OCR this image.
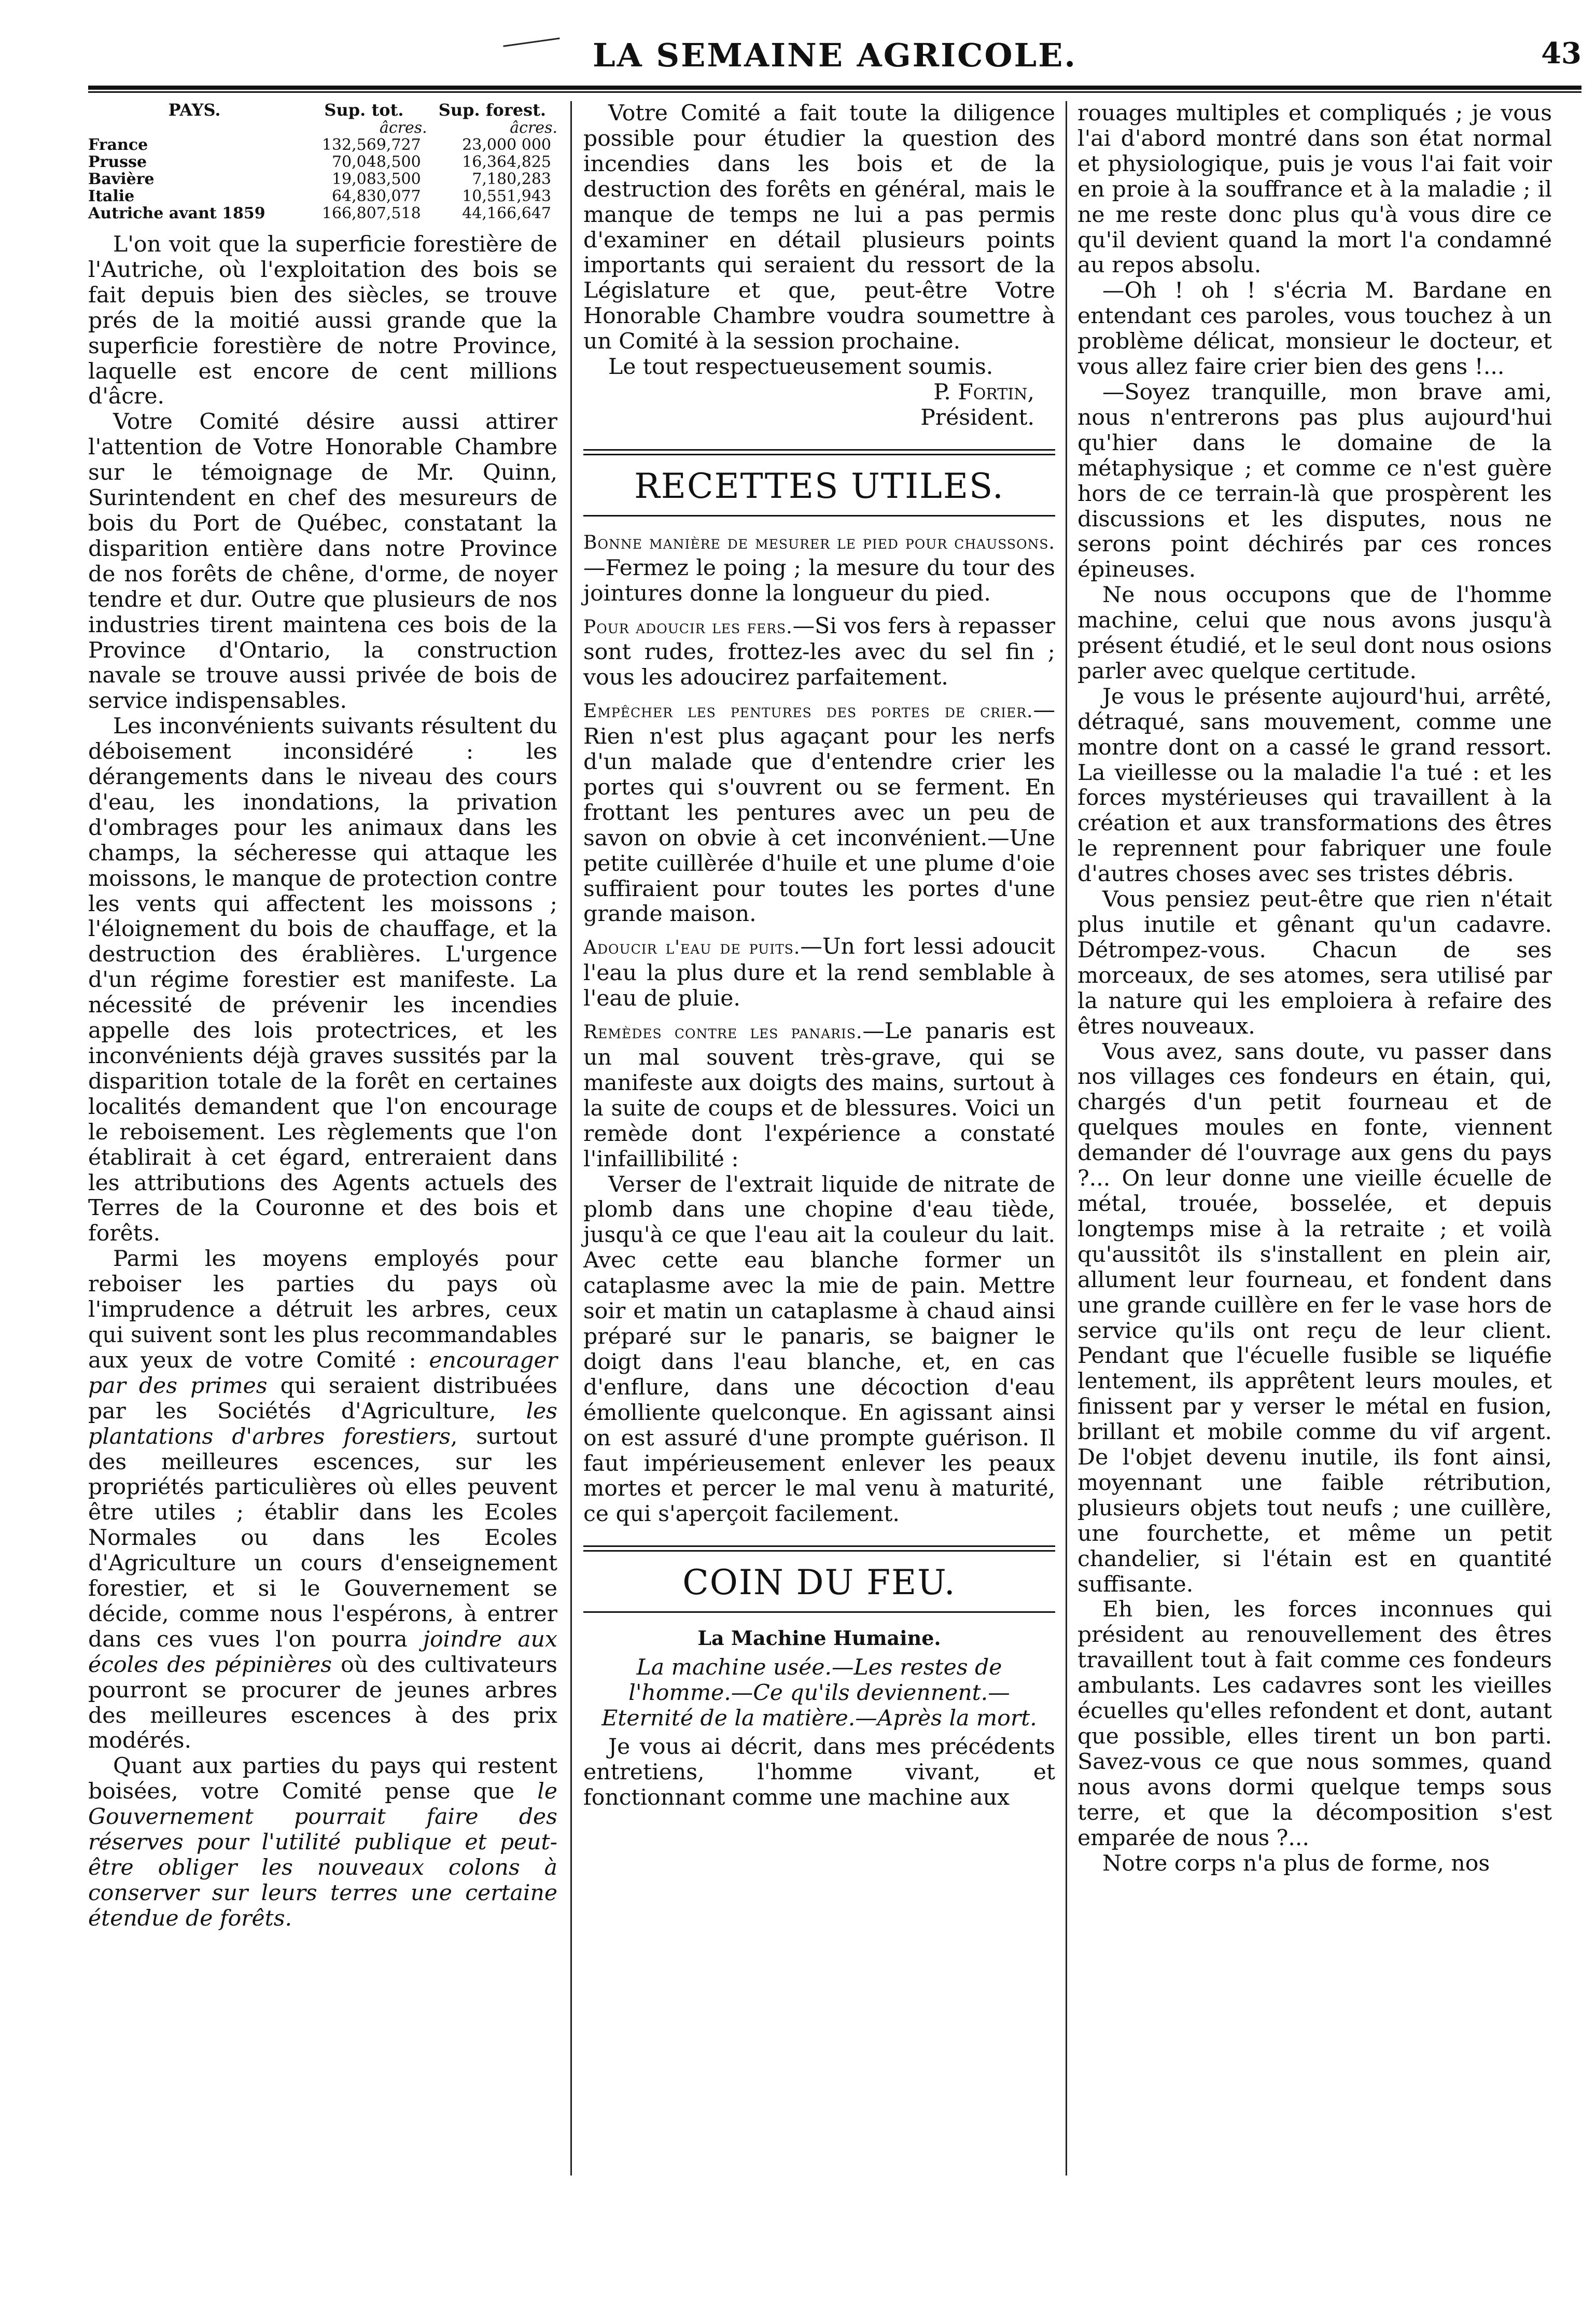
LA SEMAINE AGRICOLE.	43
PAYS.	Sup. tot.	Sup. forest.
	âcres.	âcres.
France	132,569,727	23,000 000
Prusse	70,048,500	16,364,825
Bavière	19,083,500	7,180,283
Italie	64,830,077	10,551,943
Autriche avant 1859	166,807,518	44,166,647

L'on voit que la superficie forestière de l'Autriche, où l'exploitation des bois se fait depuis bien des siècles, se trouve prés de la moitié aussi grande que la superficie forestière de notre Province, laquelle est encore de cent millions d'âcre.

Votre Comité désire aussi attirer l'attention de Votre Honorable Chambre sur le témoignage de Mr. Quinn, Surintendent en chef des mesureurs de bois du Port de Québec, constatant la disparition entière dans notre Province de nos forêts de chêne, d'orme, de noyer tendre et dur. Outre que plusieurs de nos industries tirent maintena ces bois de la Province d'Ontario, la construction navale se trouve aussi privée de bois de service indispensables.

Les inconvénients suivants résultent du déboisement inconsidéré : les dérangements dans le niveau des cours d'eau, les inondations, la privation d'ombrages pour les animaux dans les champs, la sécheresse qui attaque les moissons, le manque de protection contre les vents qui affectent les moissons ; l'éloignement du bois de chauffage, et la destruction des érablières. L'urgence d'un régime forestier est manifeste. La nécessité de prévenir les incendies appelle des lois protectrices, et les inconvénients déjà graves sussités par la disparition totale de la forêt en certaines localités demandent que l'on encourage le reboisement. Les règlements que l'on établirait à cet égard, entreraient dans les attributions des Agents actuels des Terres de la Couronne et des bois et forêts.

Parmi les moyens employés pour reboiser les parties du pays où l'imprudence a détruit les arbres, ceux qui suivent sont les plus recommandables aux yeux de votre Comité : encourager par des primes qui seraient distribuées par les Sociétés d'Agriculture, les plantations d'arbres forestiers, surtout des meilleures escences, sur les propriétés particulières où elles peuvent être utiles ; établir dans les Ecoles Normales ou dans les Ecoles d'Agriculture un cours d'enseignement forestier, et si le Gouvernement se décide, comme nous l'espérons, à entrer dans ces vues l'on pourra joindre aux écoles des pépinières où des cultivateurs pourront se procurer de jeunes arbres des meilleures escences à des prix modérés.

Quant aux parties du pays qui restent boisées, votre Comité pense que le Gouvernement pourrait faire des réserves pour l'utilité publique et peut-être obliger les nouveaux colons à conserver sur leurs terres une certaine étendue de forêts.

Votre Comité a fait toute la diligence possible pour étudier la question des incendies dans les bois et de la destruction des forêts en général, mais le manque de temps ne lui a pas permis d'examiner en détail plusieurs points importants qui seraient du ressort de la Législature et que, peut-être Votre Honorable Chambre voudra soumettre à un Comité à la session prochaine.

Le tout respectueusement soumis.

P. Fortin,
Président.
RECETTES UTILES.

Bonne manière de mesurer le pied pour chaussons.—Fermez le poing ; la mesure du tour des jointures donne la longueur du pied.

Pour adoucir les fers.—Si vos fers à repasser sont rudes, frottez-les avec du sel fin ; vous les adoucirez parfaitement.

Empêcher les pentures des portes de crier.—Rien n'est plus agaçant pour les nerfs d'un malade que d'entendre crier les portes qui s'ouvrent ou se ferment. En frottant les pentures avec un peu de savon on obvie à cet inconvénient.—Une petite cuillèrée d'huile et une plume d'oie suffiraient pour toutes les portes d'une grande maison.

Adoucir l'eau de puits.—Un fort lessi adoucit l'eau la plus dure et la rend semblable à l'eau de pluie.

Remèdes contre les panaris.—Le panaris est un mal souvent très-grave, qui se manifeste aux doigts des mains, surtout à la suite de coups et de blessures. Voici un remède dont l'expérience a constaté l'infaillibilité :

Verser de l'extrait liquide de nitrate de plomb dans une chopine d'eau tiède, jusqu'à ce que l'eau ait la couleur du lait. Avec cette eau blanche former un cataplasme avec la mie de pain. Mettre soir et matin un cataplasme à chaud ainsi préparé sur le panaris, se baigner le doigt dans l'eau blanche, et, en cas d'enflure, dans une décoction d'eau émolliente quelconque. En agissant ainsi on est assuré d'une prompte guérison. Il faut impérieusement enlever les peaux mortes et percer le mal venu à maturité, ce qui s'aperçoit facilement.

COIN DU FEU.
La Machine Humaine.
La machine usée.—Les restes de l'homme.—Ce qu'ils deviennent.—Eternité de la matière.—Après la mort.

Je vous ai décrit, dans mes précédents entretiens, l'homme vivant, et fonctionnant comme une machine aux

rouages multiples et compliqués ; je vous l'ai d'abord montré dans son état normal et physiologique, puis je vous l'ai fait voir en proie à la souffrance et à la maladie ; il ne me reste donc plus qu'à vous dire ce qu'il devient quand la mort l'a condamné au repos absolu.

—Oh ! oh ! s'écria M. Bardane en entendant ces paroles, vous touchez à un problème délicat, monsieur le docteur, et vous allez faire crier bien des gens !...

—Soyez tranquille, mon brave ami, nous n'entrerons pas plus aujourd'hui qu'hier dans le domaine de la métaphysique ; et comme ce n'est guère hors de ce terrain-là que prospèrent les discussions et les disputes, nous ne serons point déchirés par ces ronces épineuses.

Ne nous occupons que de l'homme machine, celui que nous avons jusqu'à présent étudié, et le seul dont nous osions parler avec quelque certitude.

Je vous le présente aujourd'hui, arrêté, détraqué, sans mouvement, comme une montre dont on a cassé le grand ressort. La vieillesse ou la maladie l'a tué : et les forces mystérieuses qui travaillent à la création et aux transformations des êtres le reprennent pour fabriquer une foule d'autres choses avec ses tristes débris.

Vous pensiez peut-être que rien n'était plus inutile et gênant qu'un cadavre. Détrompez-vous. Chacun de ses morceaux, de ses atomes, sera utilisé par la nature qui les emploiera à refaire des êtres nouveaux.

Vous avez, sans doute, vu passer dans nos villages ces fondeurs en étain, qui, chargés d'un petit fourneau et de quelques moules en fonte, viennent demander dé l'ouvrage aux gens du pays ?... On leur donne une vieille écuelle de métal, trouée, bosselée, et depuis longtemps mise à la retraite ; et voilà qu'aussitôt ils s'installent en plein air, allument leur fourneau, et fondent dans une grande cuillère en fer le vase hors de service qu'ils ont reçu de leur client. Pendant que l'écuelle fusible se liquéfie lentement, ils apprêtent leurs moules, et finissent par y verser le métal en fusion, brillant et mobile comme du vif argent. De l'objet devenu inutile, ils font ainsi, moyennant une faible rétribution, plusieurs objets tout neufs ; une cuillère, une fourchette, et même un petit chandelier, si l'étain est en quantité suffisante.

Eh bien, les forces inconnues qui président au renouvellement des êtres travaillent tout à fait comme ces fondeurs ambulants. Les cadavres sont les vieilles écuelles qu'elles refondent et dont, autant que possible, elles tirent un bon parti. Savez-vous ce que nous sommes, quand nous avons dormi quelque temps sous terre, et que la décomposition s'est emparée de nous ?...

Notre corps n'a plus de forme, nos
